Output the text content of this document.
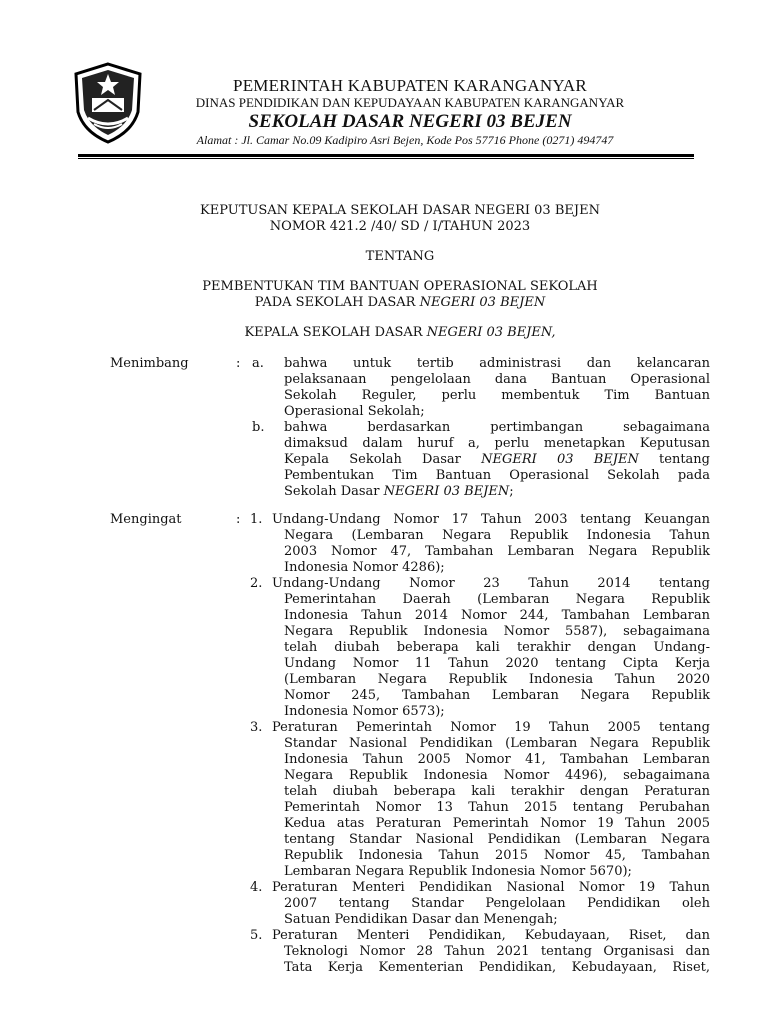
PEMERINTAH KABUPATEN KARANGANYAR
DINAS PENDIDIKAN DAN KEPUDAYAAN KABUPATEN KARANGANYAR
SEKOLAH DASAR NEGERI 03 BEJEN
Alamat : Jl. Camar No.09 Kadipiro Asri Bejen, Kode Pos 57716 Phone (0271) 494747
KEPUTUSAN KEPALA SEKOLAH DASAR NEGERI 03 BEJEN
NOMOR 421.2 /40/ SD / I/TAHUN 2023
TENTANG
PEMBENTUKAN TIM BANTUAN OPERASIONAL SEKOLAH
PADA SEKOLAH DASAR NEGERI 03 BEJEN
KEPALA SEKOLAH DASAR NEGERI 03 BEJEN,
Menimbang	: a. bahwa untuk tertib administrasi dan kelancaran
pelaksanaan pengelolaan dana Bantuan Operasional
Sekolah Reguler, perlu membentuk Tim Bantuan
Operasional Sekolah;
b. bahwa berdasarkan pertimbangan sebagaimana
dimaksud dalam huruf a, perlu menetapkan Keputusan
Kepala Sekolah Dasar NEGERI 03 BEJEN tentang
Pembentukan Tim Bantuan Operasional Sekolah pada
Sekolah Dasar NEGERI 03 BEJEN;
Mengingat	: 1. Undang-Undang Nomor 17 Tahun 2003 tentang Keuangan
Negara (Lembaran Negara Republik Indonesia Tahun
2003 Nomor 47, Tambahan Lembaran Negara Republik
Indonesia Nomor 4286);
2. Undang-Undang Nomor 23 Tahun 2014 tentang
Pemerintahan Daerah (Lembaran Negara Republik
Indonesia Tahun 2014 Nomor 244, Tambahan Lembaran
Negara Republik Indonesia Nomor 5587), sebagaimana
telah diubah beberapa kali terakhir dengan Undang-
Undang Nomor 11 Tahun 2020 tentang Cipta Kerja
(Lembaran Negara Republik Indonesia Tahun 2020
Nomor 245, Tambahan Lembaran Negara Republik
Indonesia Nomor 6573);
3. Peraturan Pemerintah Nomor 19 Tahun 2005 tentang
Standar Nasional Pendidikan (Lembaran Negara Republik
Indonesia Tahun 2005 Nomor 41, Tambahan Lembaran
Negara Republik Indonesia Nomor 4496), sebagaimana
telah diubah beberapa kali terakhir dengan Peraturan
Pemerintah Nomor 13 Tahun 2015 tentang Perubahan
Kedua atas Peraturan Pemerintah Nomor 19 Tahun 2005
tentang Standar Nasional Pendidikan (Lembaran Negara
Republik Indonesia Tahun 2015 Nomor 45, Tambahan
Lembaran Negara Republik Indonesia Nomor 5670);
4. Peraturan Menteri Pendidikan Nasional Nomor 19 Tahun
2007 tentang Standar Pengelolaan Pendidikan oleh
Satuan Pendidikan Dasar dan Menengah;
5. Peraturan Menteri Pendidikan, Kebudayaan, Riset, dan
Teknologi Nomor 28 Tahun 2021 tentang Organisasi dan
Tata Kerja Kementerian Pendidikan, Kebudayaan, Riset,
